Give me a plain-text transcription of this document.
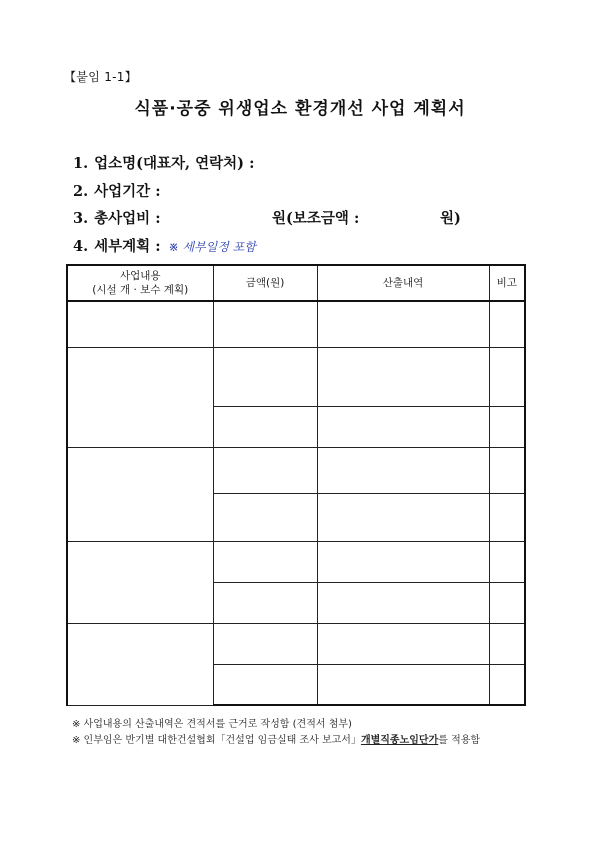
【붙임 1-1】
식품·공중 위생업소 환경개선 사업 계획서
1. 업소명(대표자, 연락처) :
2. 사업기간 :
3. 총사업비 :	원(보조금액 :	원)
4. 세부계획 : ※ 세부일정 포함
사업내용
(시설 개 · 보수 계획)	금액(원)	산출내역	비고

※ 사업내용의 산출내역은 견적서를 근거로 작성함 (견적서 첨부)
※ 인부임은 반기별 대한건설협회「건설업 임금실태 조사 보고서」개별직종노임단가를 적용함
